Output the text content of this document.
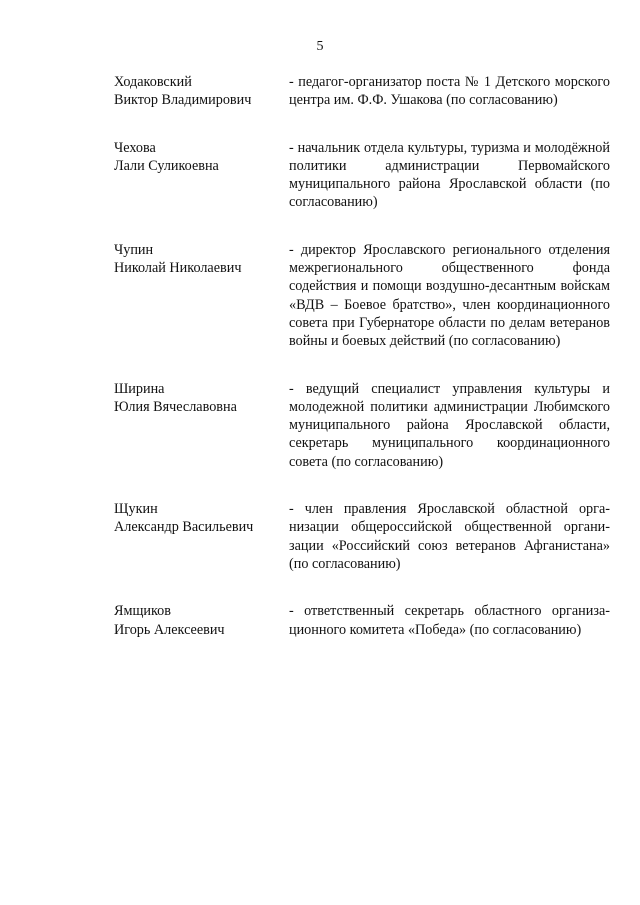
5
Ходаковский
Виктор Владимирович
- педагог-организатор поста № 1 Детского морского центра им. Ф.Ф. Ушакова (по согласованию)
Чехова
Лали Суликоевна
- начальник отдела культуры, туризма и молодёжной политики администрации Первомайского муниципального района Ярославской области (по согласованию)
Чупин
Николай Николаевич
- директор Ярославского регионального отделения межрегионального общественного фонда содействия и помощи воздушно-десантным войскам «ВДВ – Боевое братство», член координационного совета при Губернаторе области по делам ветеранов войны и боевых действий (по согласованию)
Ширина
Юлия Вячеславовна
- ведущий специалист управления культуры и молодежной политики администрации Любимского муниципального района Ярославской области, секретарь муниципального координационного совета (по согласованию)
Щукин
Александр Васильевич
- член правления Ярославской областной организации общероссийской общественной организации «Российский союз ветеранов Афганистана» (по согласованию)
Ямщиков
Игорь Алексеевич
- ответственный секретарь областного организационного комитета «Победа» (по согласованию)
